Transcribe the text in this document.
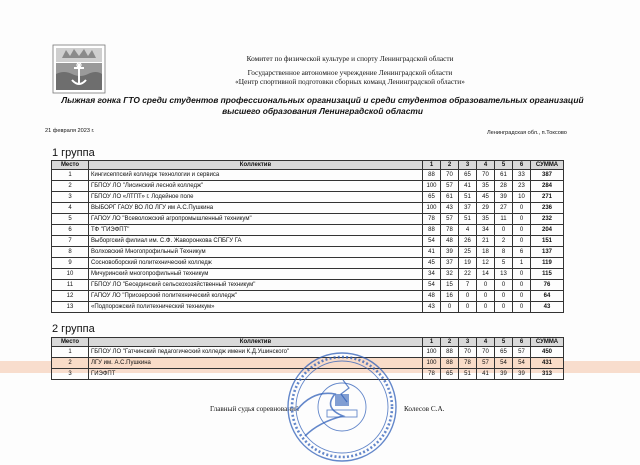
Комитет по физической культуре и спорту Ленинградской области
Государственное автономное учреждение Ленинградской области
«Центр спортивной подготовки сборных команд Ленинградской области»
Лыжная гонка ГТО среди студентов профессиональных организаций и среди студентов образовательных организаций
высшего образования Ленинградской области
21 февраля 2023 г.	Ленинградская обл., п.Токсово
1 группа
Место	Коллектив	1	2	3	4	5	6	СУММА
1	Кингисеппский колледж технологии и сервиса	88	70	65	70	61	33	387
2	ГБПОУ ЛО "Лисинский лесной колледж"	100	57	41	35	28	23	284
3	ГБПОУ ЛО «ЛТПТ» г. Лодейное поле	65	61	51	45	39	10	271
4	ВЫБОРГ ГАОУ ВО ЛО ЛГУ им А.С.Пушкина	100	43	37	29	27	0	236
5	ГАПОУ ЛО "Всеволожский агропромышленный техникум"	78	57	51	35	11	0	232
6	ТФ "ГИЭФПТ"	88	78	4	34	0	0	204
7	Выборгский филиал им. С.Ф. Жаворонкова СПБГУ ГА	54	48	26	21	2	0	151
8	Волховский Многопрофильный Техникум	41	39	25	18	8	6	137
9	Сосновоборский политехнический колледж	45	37	19	12	5	1	119
10	Мичуринский многопрофильный техникум	34	32	22	14	13	0	115
11	ГБПОУ ЛО "Бесединский сельскохозяйственный техникум"	54	15	7	0	0	0	76
12	ГАПОУ ЛО "Приозерский политехнический колледж"	48	16	0	0	0	0	64
13	«Подпорожский политехнический техникум»	43	0	0	0	0	0	43
2 группа
Место	Коллектив	1	2	3	4	5	6	СУММА
1	ГБПОУ ЛО "Гатчинский педагогический колледж имени К.Д.Ушинского"	100	88	70	70	65	57	450
2	ЛГУ им. А.С.Пушкина	100	88	78	57	54	54	431
3	ГИЭФПТ	78	65	51	41	39	39	313
Главный судья соревнований	Колесов С.А.
